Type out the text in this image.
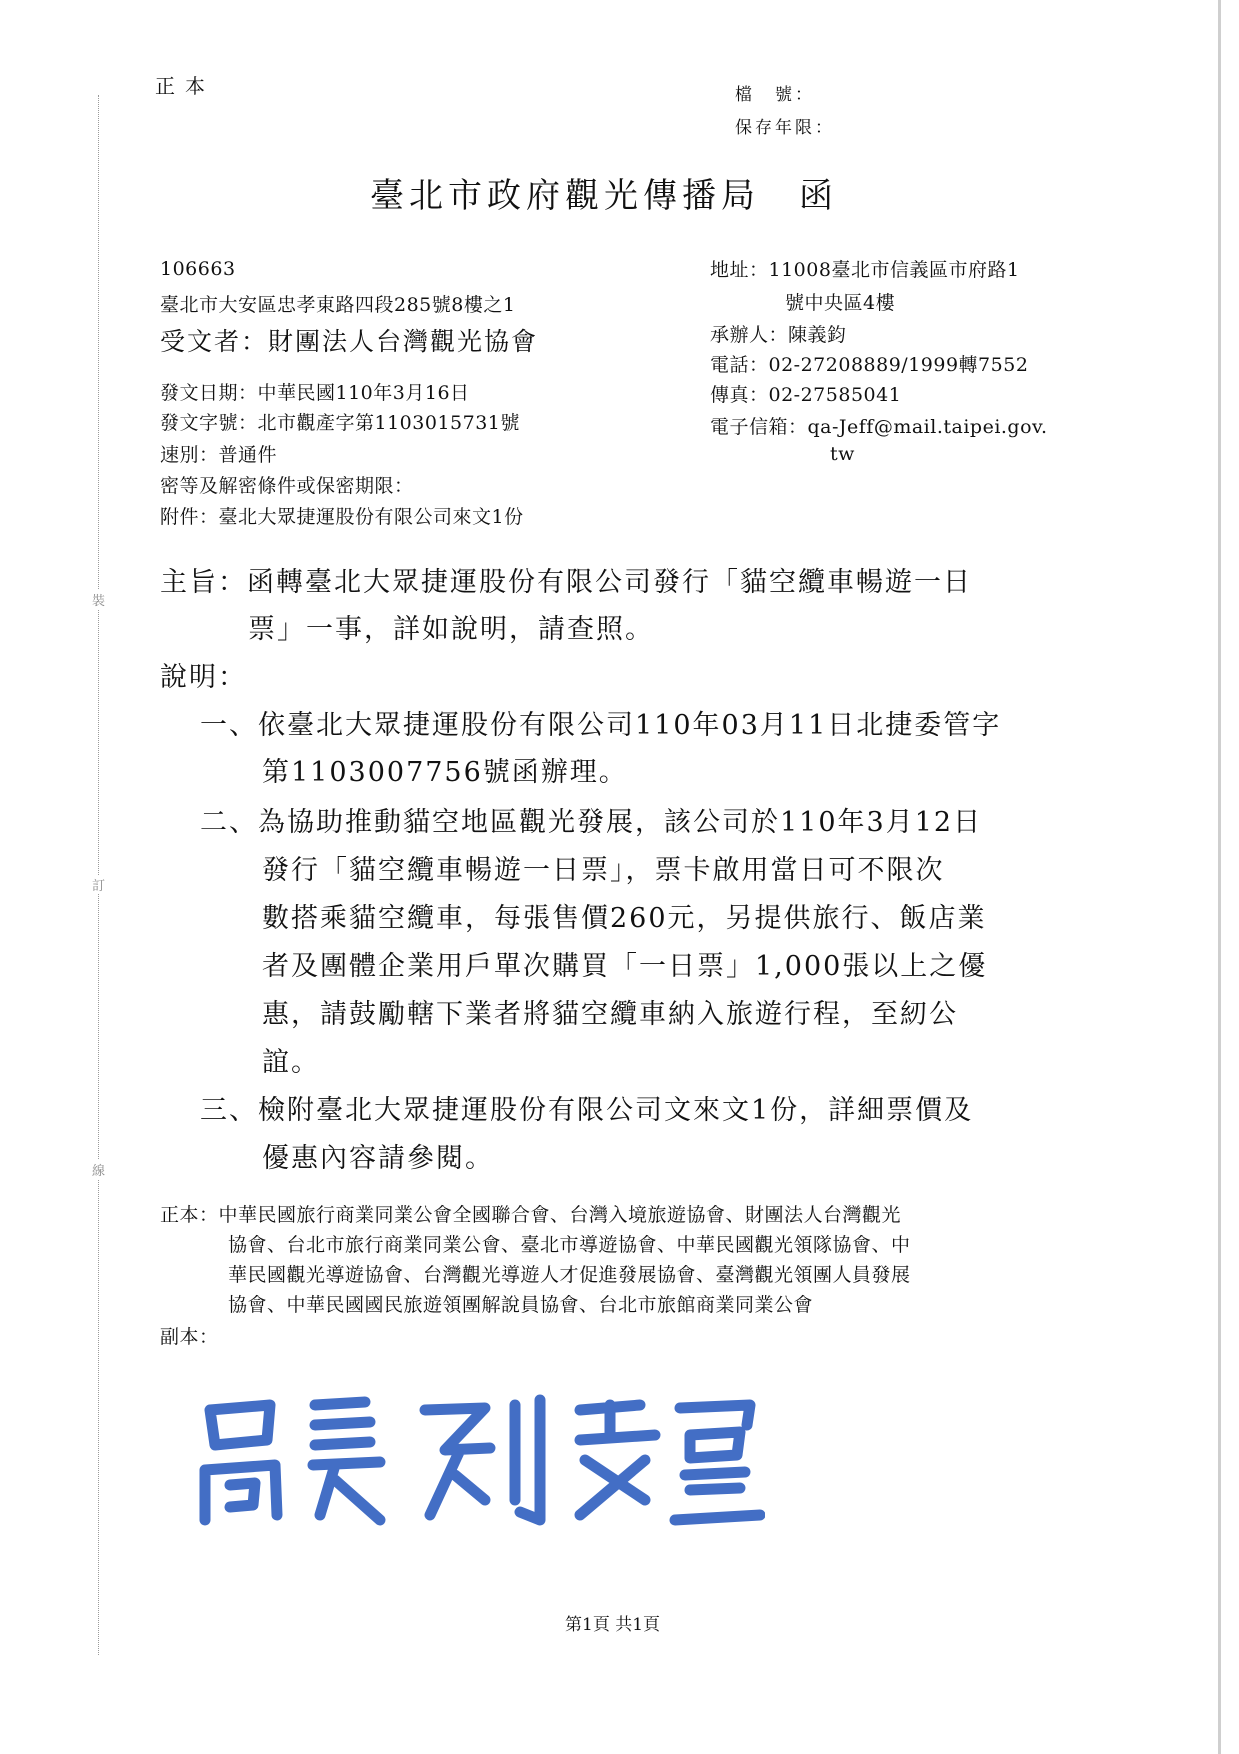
裝
訂
線
正本	檔　號：
保存年限：
臺北市政府觀光傳播局　函
106663
臺北市大安區忠孝東路四段285號8樓之1
受文者：財團法人台灣觀光協會
地址：11008臺北市信義區市府路1
號中央區4樓
承辦人：陳義鈞
電話：02-27208889/1999轉7552
傳真：02-27585041
電子信箱：qa-Jeff@mail.taipei.gov.
tw
發文日期：中華民國110年3月16日
發文字號：北市觀產字第1103015731號
速別：普通件
密等及解密條件或保密期限：
附件：臺北大眾捷運股份有限公司來文1份
主旨：函轉臺北大眾捷運股份有限公司發行「貓空纜車暢遊一日
票」一事，詳如說明，請查照。
說明：
一、依臺北大眾捷運股份有限公司110年03月11日北捷委管字
第1103007756號函辦理。
二、為協助推動貓空地區觀光發展，該公司於110年3月12日
發行「貓空纜車暢遊一日票」，票卡啟用當日可不限次
數搭乘貓空纜車，每張售價260元，另提供旅行、飯店業
者及團體企業用戶單次購買「一日票」1,000張以上之優
惠，請鼓勵轄下業者將貓空纜車納入旅遊行程，至紉公
誼。
三、檢附臺北大眾捷運股份有限公司文來文1份，詳細票價及
優惠內容請參閱。
正本：中華民國旅行商業同業公會全國聯合會、台灣入境旅遊協會、財團法人台灣觀光
協會、台北市旅行商業同業公會、臺北市導遊協會、中華民國觀光領隊協會、中
華民國觀光導遊協會、台灣觀光導遊人才促進發展協會、臺灣觀光領團人員發展
協會、中華民國國民旅遊領團解說員協會、台北市旅館商業同業公會
副本：
第1頁 共1頁
